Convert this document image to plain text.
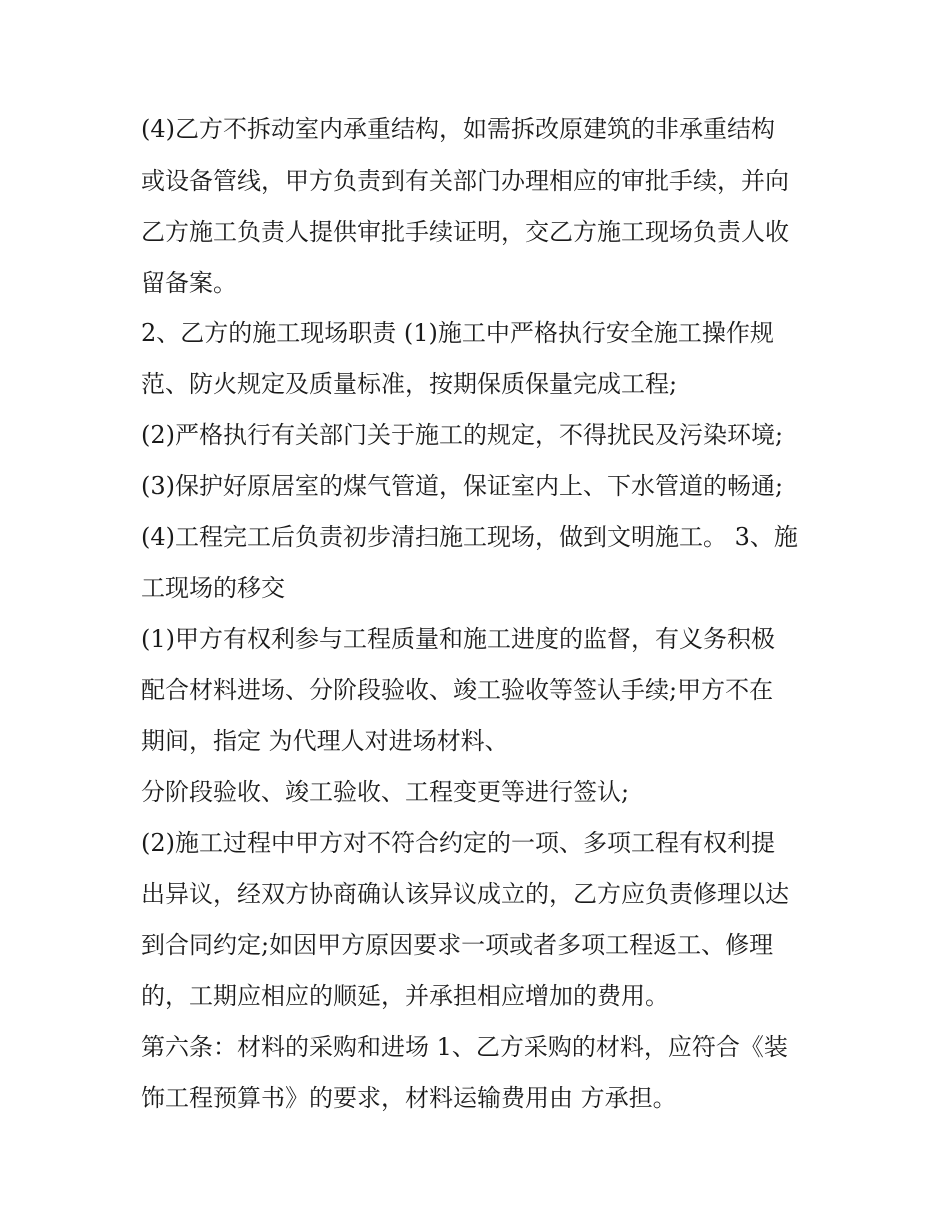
(4)乙方不拆动室内承重结构，如需拆改原建筑的非承重结构
或设备管线，甲方负责到有关部门办理相应的审批手续，并向
乙方施工负责人提供审批手续证明，交乙方施工现场负责人收
留备案。
2、乙方的施工现场职责 (1)施工中严格执行安全施工操作规
范、防火规定及质量标准，按期保质保量完成工程;
(2)严格执行有关部门关于施工的规定，不得扰民及污染环境;
(3)保护好原居室的煤气管道，保证室内上、下水管道的畅通;
(4)工程完工后负责初步清扫施工现场，做到文明施工。 3、施
工现场的移交
(1)甲方有权利参与工程质量和施工进度的监督，有义务积极
配合材料进场、分阶段验收、竣工验收等签认手续;甲方不在
期间，指定 为代理人对进场材料、
分阶段验收、竣工验收、工程变更等进行签认;
(2)施工过程中甲方对不符合约定的一项、多项工程有权利提
出异议，经双方协商确认该异议成立的，乙方应负责修理以达
到合同约定;如因甲方原因要求一项或者多项工程返工、修理
的，工期应相应的顺延，并承担相应增加的费用。
第六条：材料的采购和进场 1、乙方采购的材料，应符合《装
饰工程预算书》的要求，材料运输费用由 方承担。
